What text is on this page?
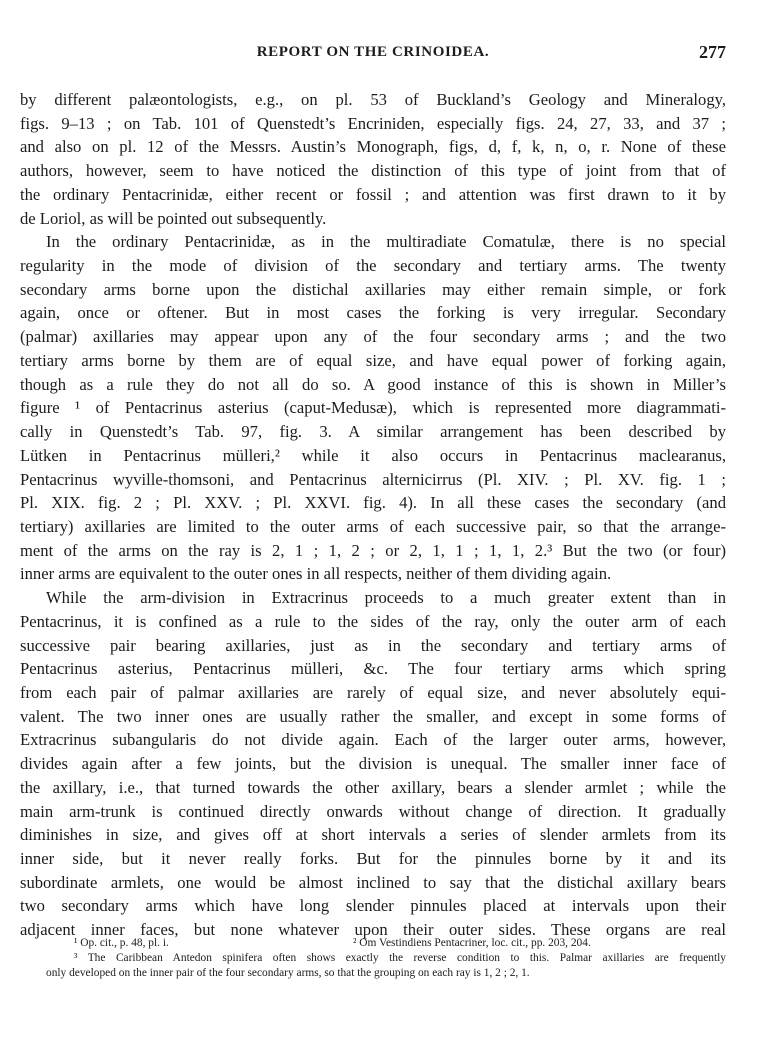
REPORT ON THE CRINOIDEA.	277
by different palæontologists, e.g., on pl. 53 of Buckland’s Geology and Mineralogy,
figs. 9–13 ; on Tab. 101 of Quenstedt’s Encriniden, especially figs. 24, 27, 33, and 37 ;
and also on pl. 12 of the Messrs. Austin’s Monograph, figs, d, f, k, n, o, r. None of these
authors, however, seem to have noticed the distinction of this type of joint from that of
the ordinary Pentacrinidæ, either recent or fossil ; and attention was first drawn to it by
de Loriol, as will be pointed out subsequently.
In the ordinary Pentacrinidæ, as in the multiradiate Comatulæ, there is no special
regularity in the mode of division of the secondary and tertiary arms. The twenty
secondary arms borne upon the distichal axillaries may either remain simple, or fork
again, once or oftener. But in most cases the forking is very irregular. Secondary
(palmar) axillaries may appear upon any of the four secondary arms ; and the two
tertiary arms borne by them are of equal size, and have equal power of forking again,
though as a rule they do not all do so. A good instance of this is shown in Miller’s
figure ¹ of Pentacrinus asterius (caput-Medusæ), which is represented more diagrammati-
cally in Quenstedt’s Tab. 97, fig. 3. A similar arrangement has been described by
Lütken in Pentacrinus mülleri,² while it also occurs in Pentacrinus maclearanus,
Pentacrinus wyville-thomsoni, and Pentacrinus alternicirrus (Pl. XIV. ; Pl. XV. fig. 1 ;
Pl. XIX. fig. 2 ; Pl. XXV. ; Pl. XXVI. fig. 4). In all these cases the secondary (and
tertiary) axillaries are limited to the outer arms of each successive pair, so that the arrange-
ment of the arms on the ray is 2, 1 ; 1, 2 ; or 2, 1, 1 ; 1, 1, 2.³ But the two (or four)
inner arms are equivalent to the outer ones in all respects, neither of them dividing again.
While the arm-division in Extracrinus proceeds to a much greater extent than in
Pentacrinus, it is confined as a rule to the sides of the ray, only the outer arm of each
successive pair bearing axillaries, just as in the secondary and tertiary arms of
Pentacrinus asterius, Pentacrinus mülleri, &c. The four tertiary arms which spring
from each pair of palmar axillaries are rarely of equal size, and never absolutely equi-
valent. The two inner ones are usually rather the smaller, and except in some forms of
Extracrinus subangularis do not divide again. Each of the larger outer arms, however,
divides again after a few joints, but the division is unequal. The smaller inner face of
the axillary, i.e., that turned towards the other axillary, bears a slender armlet ; while the
main arm-trunk is continued directly onwards without change of direction. It gradually
diminishes in size, and gives off at short intervals a series of slender armlets from its
inner side, but it never really forks. But for the pinnules borne by it and its
subordinate armlets, one would be almost inclined to say that the distichal axillary bears
two secondary arms which have long slender pinnules placed at intervals upon their
adjacent inner faces, but none whatever upon their outer sides. These organs are real
¹ Op. cit., p. 48, pl. i.	² Om Vestindiens Pentacriner, loc. cit., pp. 203, 204.
³ The Caribbean Antedon spinifera often shows exactly the reverse condition to this. Palmar axillaries are frequently
only developed on the inner pair of the four secondary arms, so that the grouping on each ray is 1, 2 ; 2, 1.
